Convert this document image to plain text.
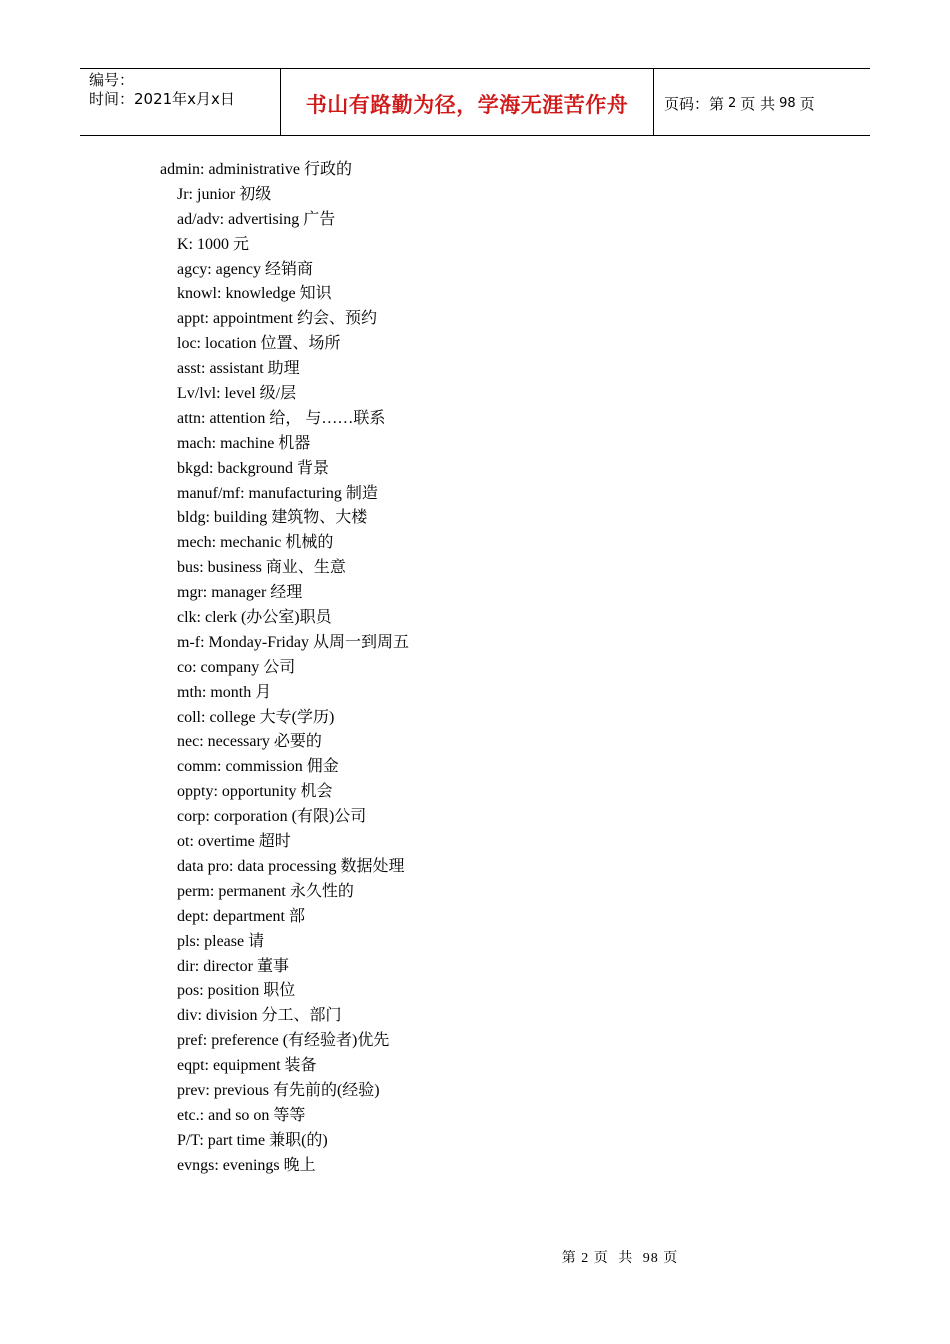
编号：
时间：2021年x月x日	书山有路勤为径，学海无涯苦作舟	页码：第 2 页 共 98 页
admin: administrative 行政的
Jr: junior 初级
ad/adv: advertising 广告
K: 1000 元
agcy: agency 经销商
knowl: knowledge 知识
appt: appointment 约会、预约
loc: location 位置、场所
asst: assistant 助理
Lv/lvl: level 级/层
attn: attention 给， 与……联系
mach: machine 机器
bkgd: background 背景
manuf/mf: manufacturing 制造
bldg: building 建筑物、大楼
mech: mechanic 机械的
bus: business 商业、生意
mgr: manager 经理
clk: clerk (办公室)职员
m-f: Monday-Friday 从周一到周五
co: company 公司
mth: month 月
coll: college 大专(学历)
nec: necessary 必要的
comm: commission 佣金
oppty: opportunity 机会
corp: corporation (有限)公司
ot: overtime 超时
data pro: data processing 数据处理
perm: permanent 永久性的
dept: department 部
pls: please 请
dir: director 董事
pos: position 职位
div: division 分工、部门
pref: preference (有经验者)优先
eqpt: equipment 装备
prev: previous 有先前的(经验)
etc.: and so on 等等
P/T: part time 兼职(的)
evngs: evenings 晚上
第 2 页 共 98 页
